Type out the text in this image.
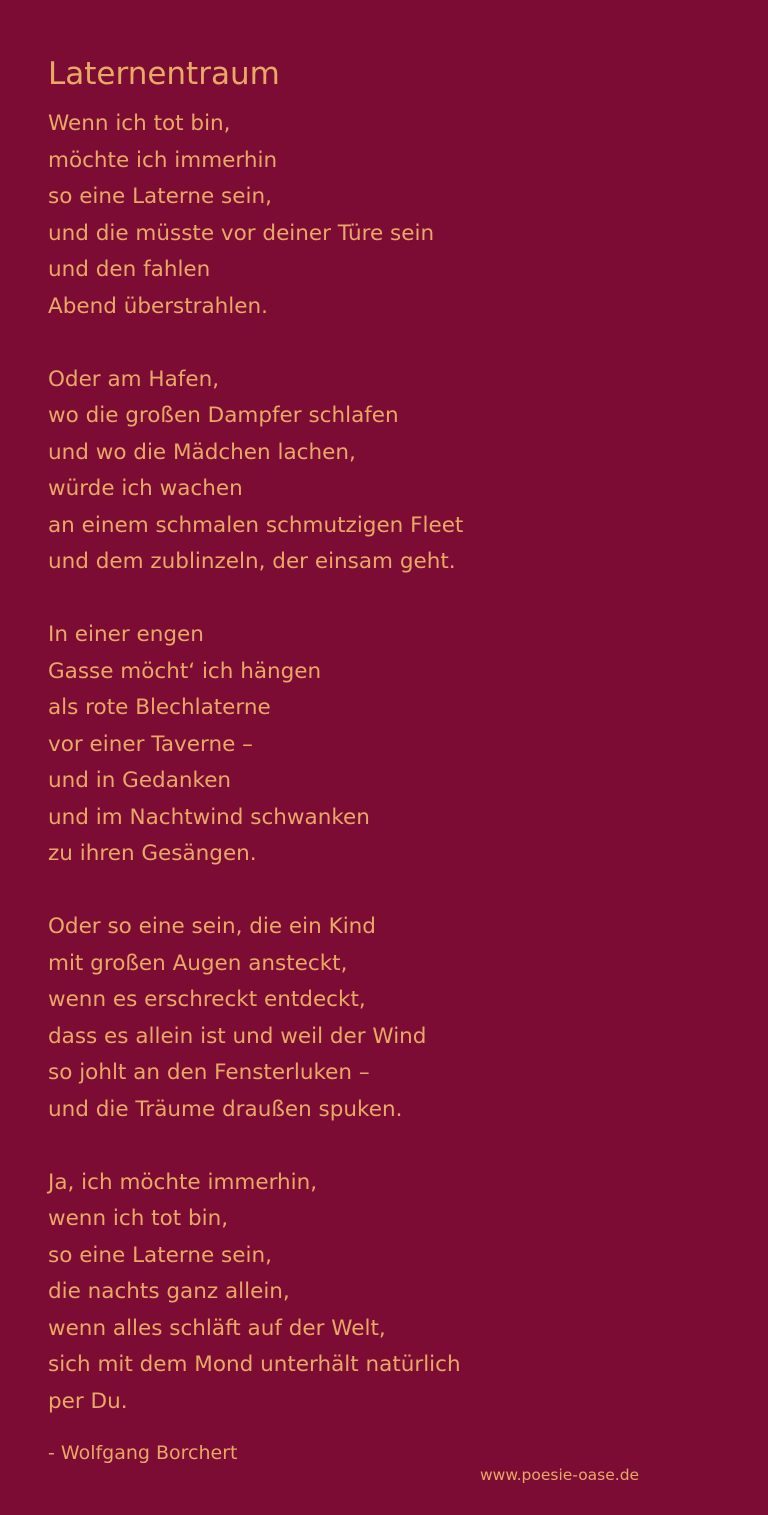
Laternentraum
Wenn ich tot bin,
möchte ich immerhin
so eine Laterne sein,
und die müsste vor deiner Türe sein
und den fahlen
Abend überstrahlen.
Oder am Hafen,
wo die großen Dampfer schlafen
und wo die Mädchen lachen,
würde ich wachen
an einem schmalen schmutzigen Fleet
und dem zublinzeln, der einsam geht.
In einer engen
Gasse möcht‘ ich hängen
als rote Blechlaterne
vor einer Taverne –
und in Gedanken
und im Nachtwind schwanken
zu ihren Gesängen.
Oder so eine sein, die ein Kind
mit großen Augen ansteckt,
wenn es erschreckt entdeckt,
dass es allein ist und weil der Wind
so johlt an den Fensterluken –
und die Träume draußen spuken.
Ja, ich möchte immerhin,
wenn ich tot bin,
so eine Laterne sein,
die nachts ganz allein,
wenn alles schläft auf der Welt,
sich mit dem Mond unterhält natürlich
per Du.
- Wolfgang Borchert
www.poesie-oase.de
